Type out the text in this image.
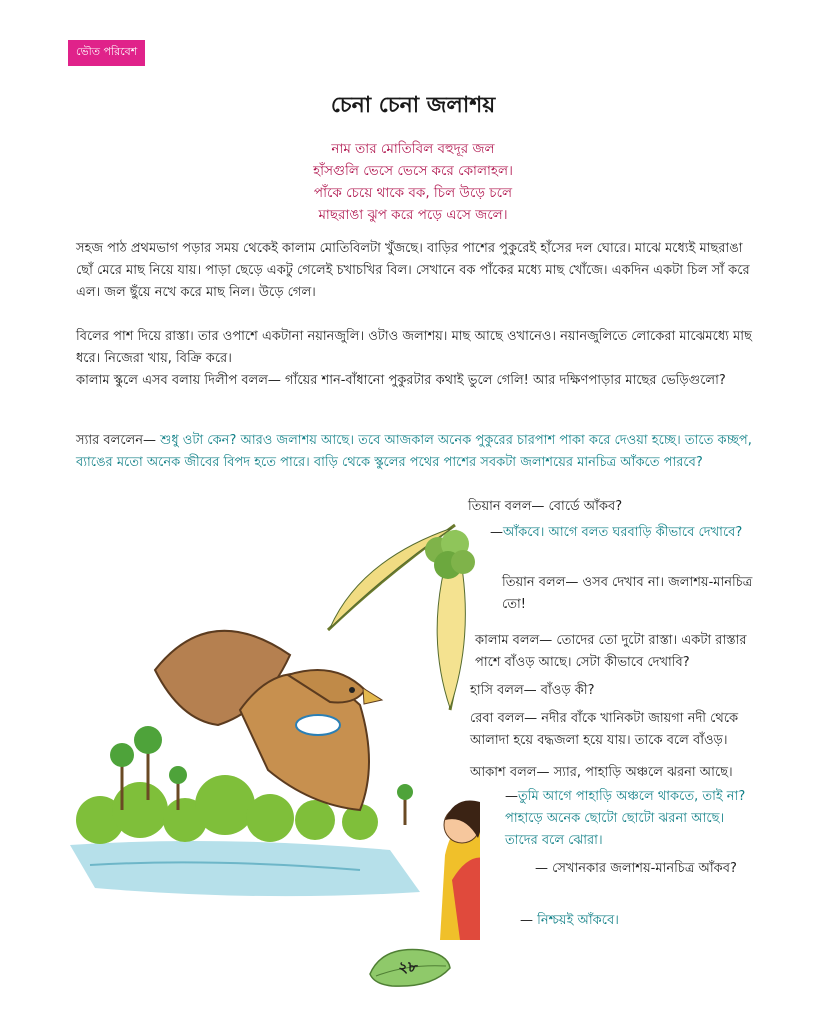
ভৌত পরিবেশ
চেনা চেনা জলাশয়
নাম তার মোতিবিল বহুদূর জল
হাঁসগুলি ভেসে ভেসে করে কোলাহল।
পাঁকে চেয়ে থাকে বক, চিল উড়ে চলে
মাছরাঙা ঝুপ করে পড়ে এসে জলে।
সহজ পাঠ প্রথমভাগ পড়ার সময় থেকেই কালাম মোতিবিলটা খুঁজছে। বাড়ির পাশের পুকুরেই হাঁসের দল ঘোরে। মাঝে মধ্যেই মাছরাঙা ছোঁ মেরে মাছ নিয়ে যায়। পাড়া ছেড়ে একটু গেলেই চখাচখির বিল। সেখানে বক পাঁকের মধ্যে মাছ খোঁজে। একদিন একটা চিল সাঁ করে এল। জল ছুঁয়ে নখে করে মাছ নিল। উড়ে গেল।
বিলের পাশ দিয়ে রাস্তা। তার ওপাশে একটানা নয়ানজুলি। ওটাও জলাশয়। মাছ আছে ওখানেও। নয়ানজুলিতে লোকেরা মাঝেমধ্যে মাছ ধরে। নিজেরা খায়, বিক্রি করে।
কালাম স্কুলে এসব বলায় দিলীপ বলল— গাঁয়ের শান-বাঁধানো পুকুরটার কথাই ভুলে গেলি! আর দক্ষিণপাড়ার মাছের ভেড়িগুলো?
স্যার বললেন— শুধু ওটা কেন? আরও জলাশয় আছে। তবে আজকাল অনেক পুকুরের চারপাশ পাকা করে দেওয়া হচ্ছে। তাতে কচ্ছপ, ব্যাঙের মতো অনেক জীবের বিপদ হতে পারে। বাড়ি থেকে স্কুলের পথের পাশের সবকটা জলাশয়ের মানচিত্র আঁকতে পারবে?
তিয়ান বলল— বোর্ডে আঁকব?
—আঁকবে। আগে বলত ঘরবাড়ি কীভাবে দেখাবে?
তিয়ান বলল— ওসব দেখাব না। জলাশয়-মানচিত্র তো!
কালাম বলল— তোদের তো দুটো রাস্তা। একটা রাস্তার পাশে বাঁওড় আছে। সেটা কীভাবে দেখাবি?
হাসি বলল— বাঁওড় কী?
রেবা বলল— নদীর বাঁকে খানিকটা জায়গা নদী থেকে আলাদা হয়ে বদ্ধজলা হয়ে যায়। তাকে বলে বাঁওড়।
আকাশ বলল— স্যার, পাহাড়ি অঞ্চলে ঝরনা আছে।
—তুমি আগে পাহাড়ি অঞ্চলে থাকতে, তাই না? পাহাড়ে অনেক ছোটো ছোটো ঝরনা আছে। তাদের বলে ঝোরা।
— সেখানকার জলাশয়-মানচিত্র আঁকব?
— নিশ্চয়ই আঁকবে।
২৮
